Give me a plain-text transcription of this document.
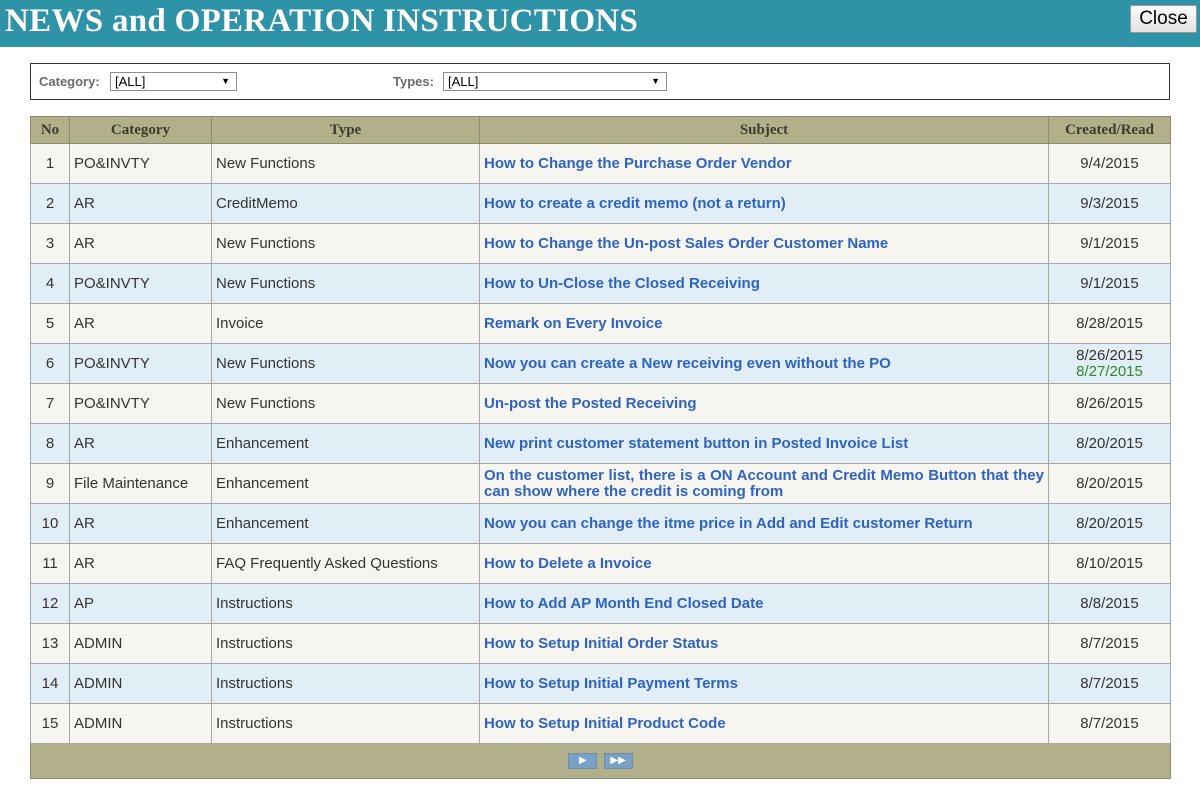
NEWS and OPERATION INSTRUCTIONS	Close
Category:	[ALL]	▼	Types:	[ALL]	▼
No	Category	Type	Subject	Created/Read
1	PO&INVTY	New Functions	How to Change the Purchase Order Vendor	9/4/2015

2	AR	CreditMemo	How to create a credit memo (not a return)	9/3/2015

3	AR	New Functions	How to Change the Un-post Sales Order Customer Name	9/1/2015

4	PO&INVTY	New Functions	How to Un-Close the Closed Receiving	9/1/2015

5	AR	Invoice	Remark on Every Invoice	8/28/2015

6	PO&INVTY	New Functions	Now you can create a New receiving even without the PO	8/26/2015
8/27/2015

7	PO&INVTY	New Functions	Un-post the Posted Receiving	8/26/2015

8	AR	Enhancement	New print customer statement button in Posted Invoice List	8/20/2015

9	File Maintenance	Enhancement	On the customer list, there is a ON Account and Credit Memo Button that they can show where the credit is coming from	8/20/2015

10	AR	Enhancement	Now you can change the itme price in Add and Edit customer Return	8/20/2015

11	AR	FAQ Frequently Asked Questions	How to Delete a Invoice	8/10/2015

12	AP	Instructions	How to Add AP Month End Closed Date	8/8/2015

13	ADMIN	Instructions	How to Setup Initial Order Status	8/7/2015

14	ADMIN	Instructions	How to Setup Initial Payment Terms	8/7/2015

15	ADMIN	Instructions	How to Setup Initial Product Code	8/7/2015

▶ ▶▶				
